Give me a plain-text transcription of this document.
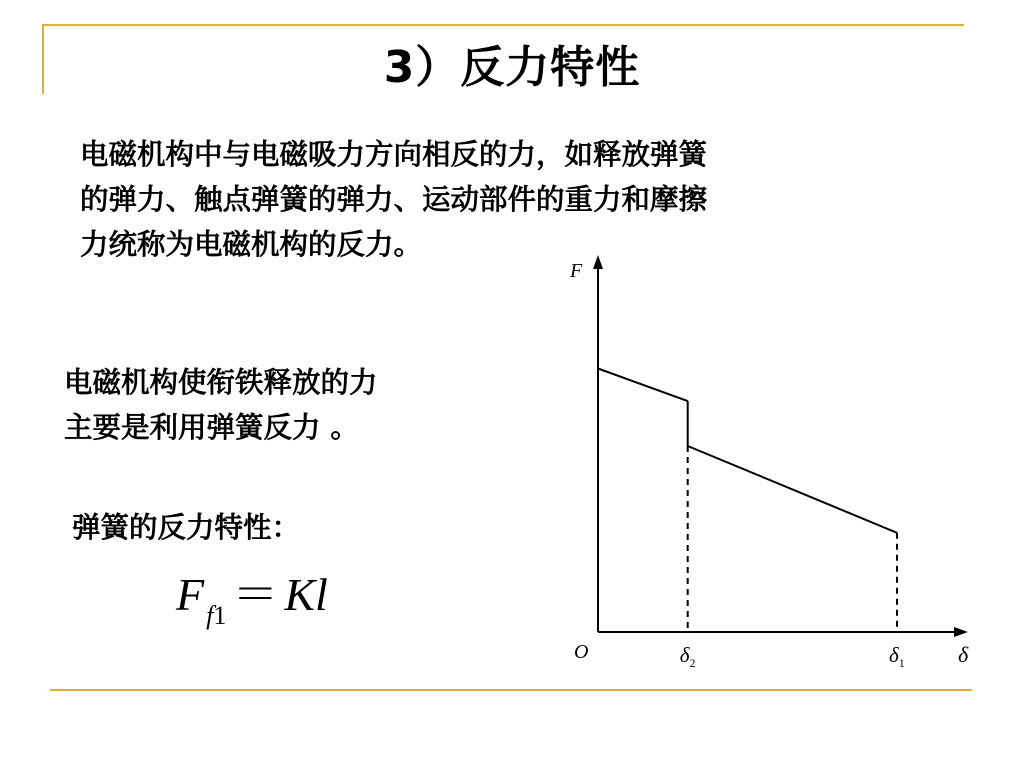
3）反力特性

电磁机构中与电磁吸力方向相反的力，如释放弹簧
的弹力、触点弹簧的弹力、运动部件的重力和摩擦
力统称为电磁机构的反力。

电磁机构使衔铁释放的力
主要是利用弹簧反力 。

弹簧的反力特性：

$F_{f1} = Kl$
F
δ
O	$\delta_2$	$\delta_1$
